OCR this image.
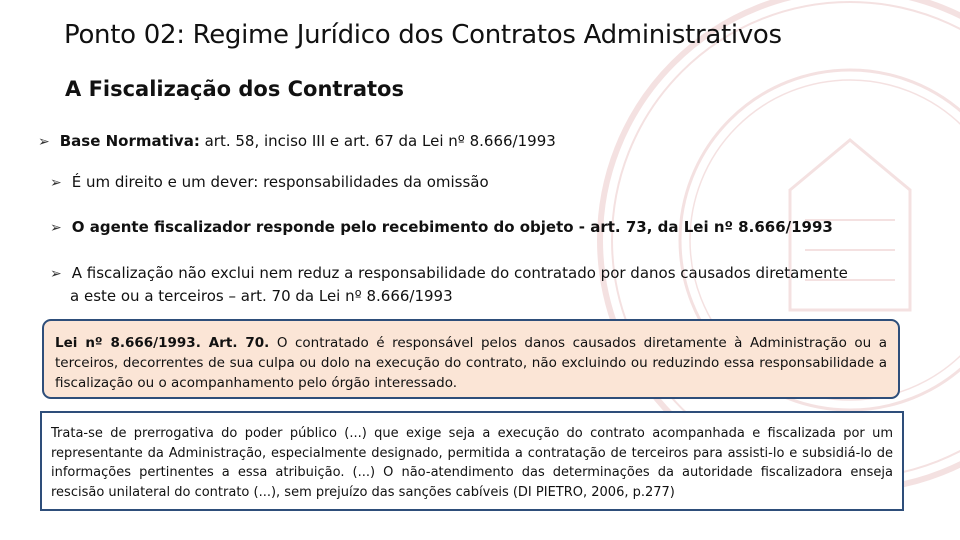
Ponto 02: Regime Jurídico dos Contratos Administrativos
A Fiscalização dos Contratos
➢ Base Normativa: art. 58, inciso III e art. 67 da Lei nº 8.666/1993
➢ É um direito e um dever: responsabilidades da omissão
➢ O agente fiscalizador responde pelo recebimento do objeto - art. 73, da Lei nº 8.666/1993
➢ A fiscalização não exclui nem reduz a responsabilidade do contratado por danos causados diretamente
a este ou a terceiros – art. 70 da Lei nº 8.666/1993
Lei nº 8.666/1993. Art. 70. O contratado é responsável pelos danos causados diretamente à Administração ou a terceiros, decorrentes de sua culpa ou dolo na execução do contrato, não excluindo ou reduzindo essa responsabilidade a fiscalização ou o acompanhamento pelo órgão interessado.
Trata-se de prerrogativa do poder público (...) que exige seja a execução do contrato acompanhada e fiscalizada por um representante da Administração, especialmente designado, permitida a contratação de terceiros para assisti-lo e subsidiá-lo de informações pertinentes a essa atribuição. (...) O não-atendimento das determinações da autoridade fiscalizadora enseja rescisão unilateral do contrato (...), sem prejuízo das sanções cabíveis (DI PIETRO, 2006, p.277)
